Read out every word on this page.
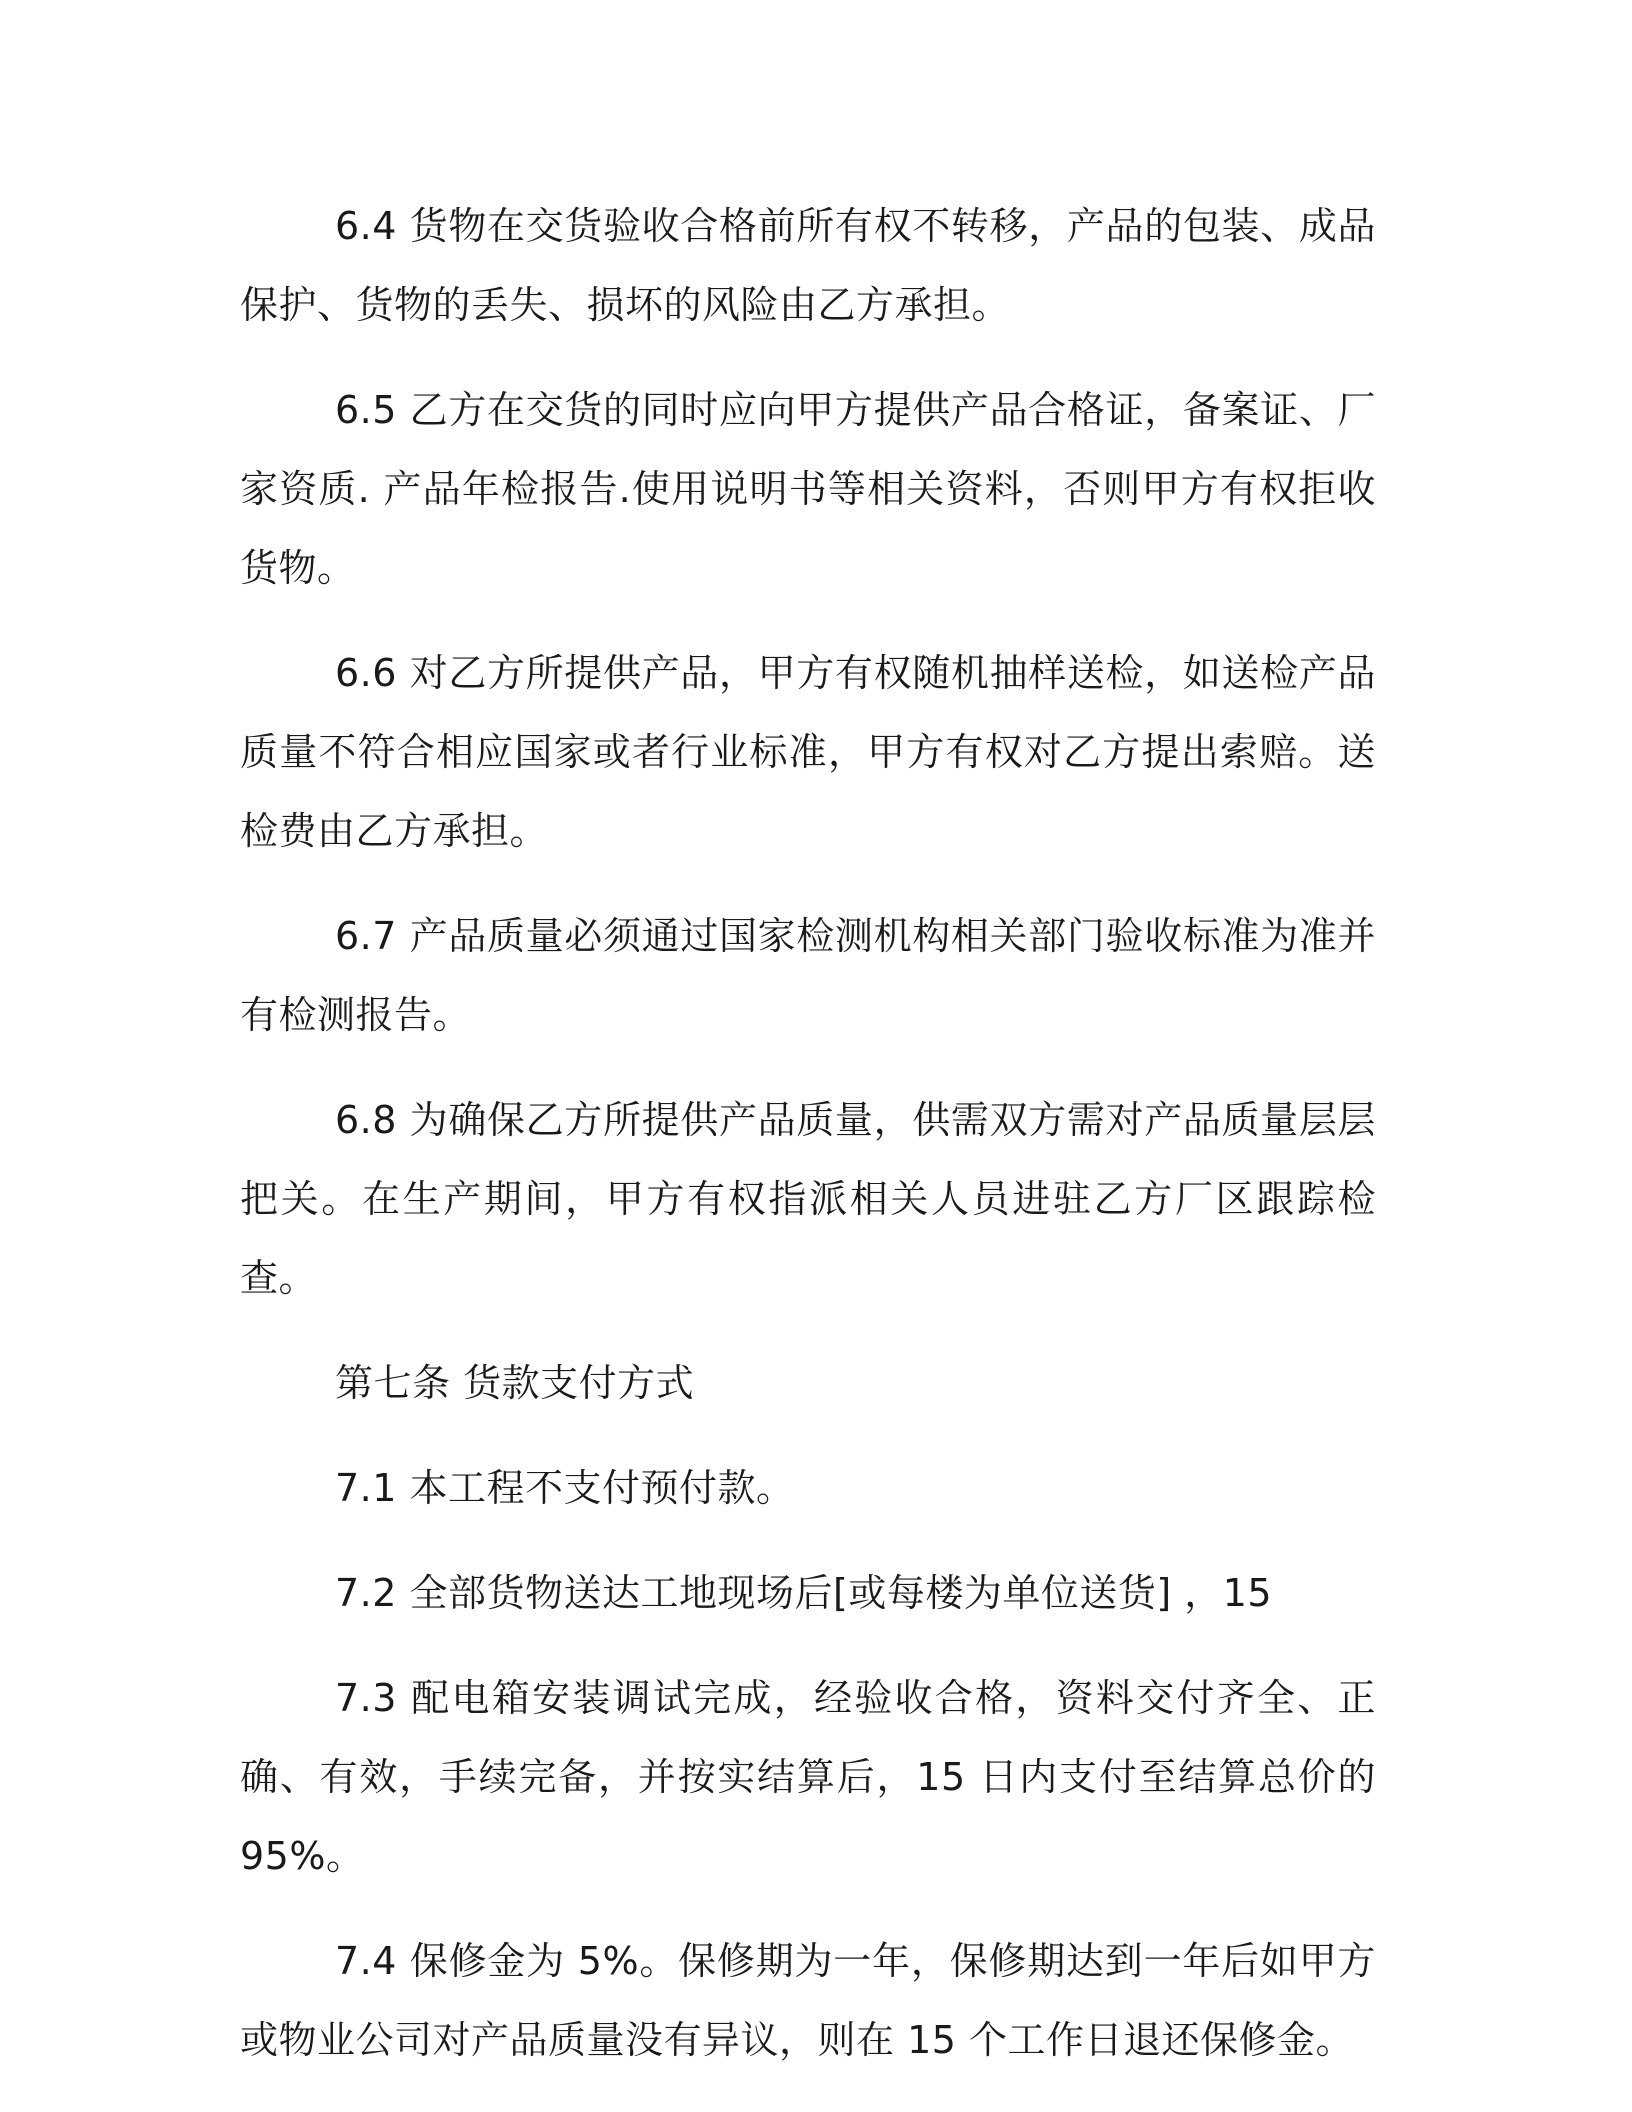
6.4 货物在交货验收合格前所有权不转移，产品的包装、成品保护、货物的丢失、损坏的风险由乙方承担。

6.5 乙方在交货的同时应向甲方提供产品合格证，备案证、厂家资质. 产品年检报告.使用说明书等相关资料，否则甲方有权拒收货物。

6.6 对乙方所提供产品，甲方有权随机抽样送检，如送检产品质量不符合相应国家或者行业标准，甲方有权对乙方提出索赔。送检费由乙方承担。

6.7 产品质量必须通过国家检测机构相关部门验收标准为准并有检测报告。

6.8 为确保乙方所提供产品质量，供需双方需对产品质量层层把关。在生产期间，甲方有权指派相关人员进驻乙方厂区跟踪检查。

第七条 货款支付方式

7.1 本工程不支付预付款。

7.2 全部货物送达工地现场后[或每楼为单位送货] ，15

7.3 配电箱安装调试完成，经验收合格，资料交付齐全、正确、有效，手续完备，并按实结算后，15 日内支付至结算总价的 95%。

7.4 保修金为 5%。保修期为一年，保修期达到一年后如甲方或物业公司对产品质量没有异议，则在 15 个工作日退还保修金。
